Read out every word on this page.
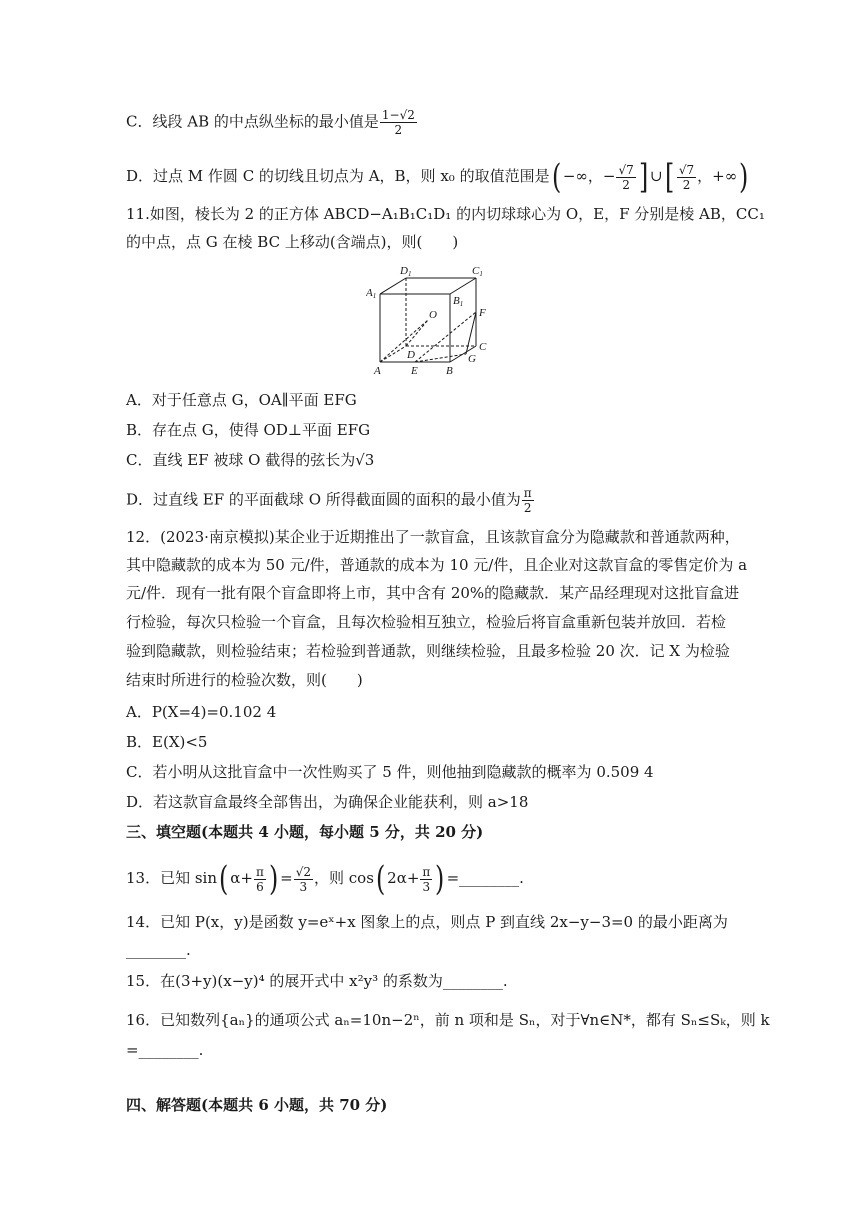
C．线段 AB 的中点纵坐标的最小值是 $\frac{1-√2}{2}$
D．过点 M 作圆 C 的切线且切点为 A，B，则 x₀ 的取值范围是( −∞，− $\frac{√7}{2}$ ] ∪[ $\frac{√7}{2}$ ，+∞)
11.如图，棱长为 2 的正方体 ABCD−A₁B₁C₁D₁ 的内切球球心为 O，E，F 分别是棱 AB，CC₁
的中点，点 G 在棱 BC 上移动(含端点)，则(　　)
D1	C1
A1	B1
O	F
D
C
A	E	B
G
A．对于任意点 G，OA∥平面 EFG
B．存在点 G，使得 OD⊥平面 EFG
C．直线 EF 被球 O 截得的弦长为√3
D．过直线 EF 的平面截球 O 所得截面圆的面积的最小值为 $\frac{\pi}{2}$
12．(2023·南京模拟)某企业于近期推出了一款盲盒，且该款盲盒分为隐藏款和普通款两种，
其中隐藏款的成本为 50 元/件，普通款的成本为 10 元/件，且企业对这款盲盒的零售定价为 a
元/件．现有一批有限个盲盒即将上市，其中含有 20%的隐藏款．某产品经理现对这批盲盒进
行检验，每次只检验一个盲盒，且每次检验相互独立，检验后将盲盒重新包装并放回．若检
验到隐藏款，则检验结束；若检验到普通款，则继续检验，且最多检验 20 次．记 X 为检验
结束时所进行的检验次数，则(　　)
A．P(X=4)=0.102 4
B．E(X)<5
C．若小明从这批盲盒中一次性购买了 5 件，则他抽到隐藏款的概率为 0.509 4
D．若这款盲盒最终全部售出，为确保企业能获利，则 a>18
三、填空题(本题共 4 小题，每小题 5 分，共 20 分)
13．已知 sin( $\alpha+ \frac{\pi}{6}$ ) = $\frac{√2}{3}$ ，则 cos( $2\alpha+ \frac{\pi}{3}$ ) =________.
14．已知 P(x，y)是函数 y=eˣ+x 图象上的点，则点 P 到直线 2x−y−3=0 的最小距离为
________.
15．在(3+y)(x−y)⁴ 的展开式中 x²y³ 的系数为________.
16．已知数列{aₙ}的通项公式 aₙ=10n−2ⁿ，前 n 项和是 Sₙ，对于∀n∈N*，都有 Sₙ≤Sₖ，则 k
=________.
四、解答题(本题共 6 小题，共 70 分)
